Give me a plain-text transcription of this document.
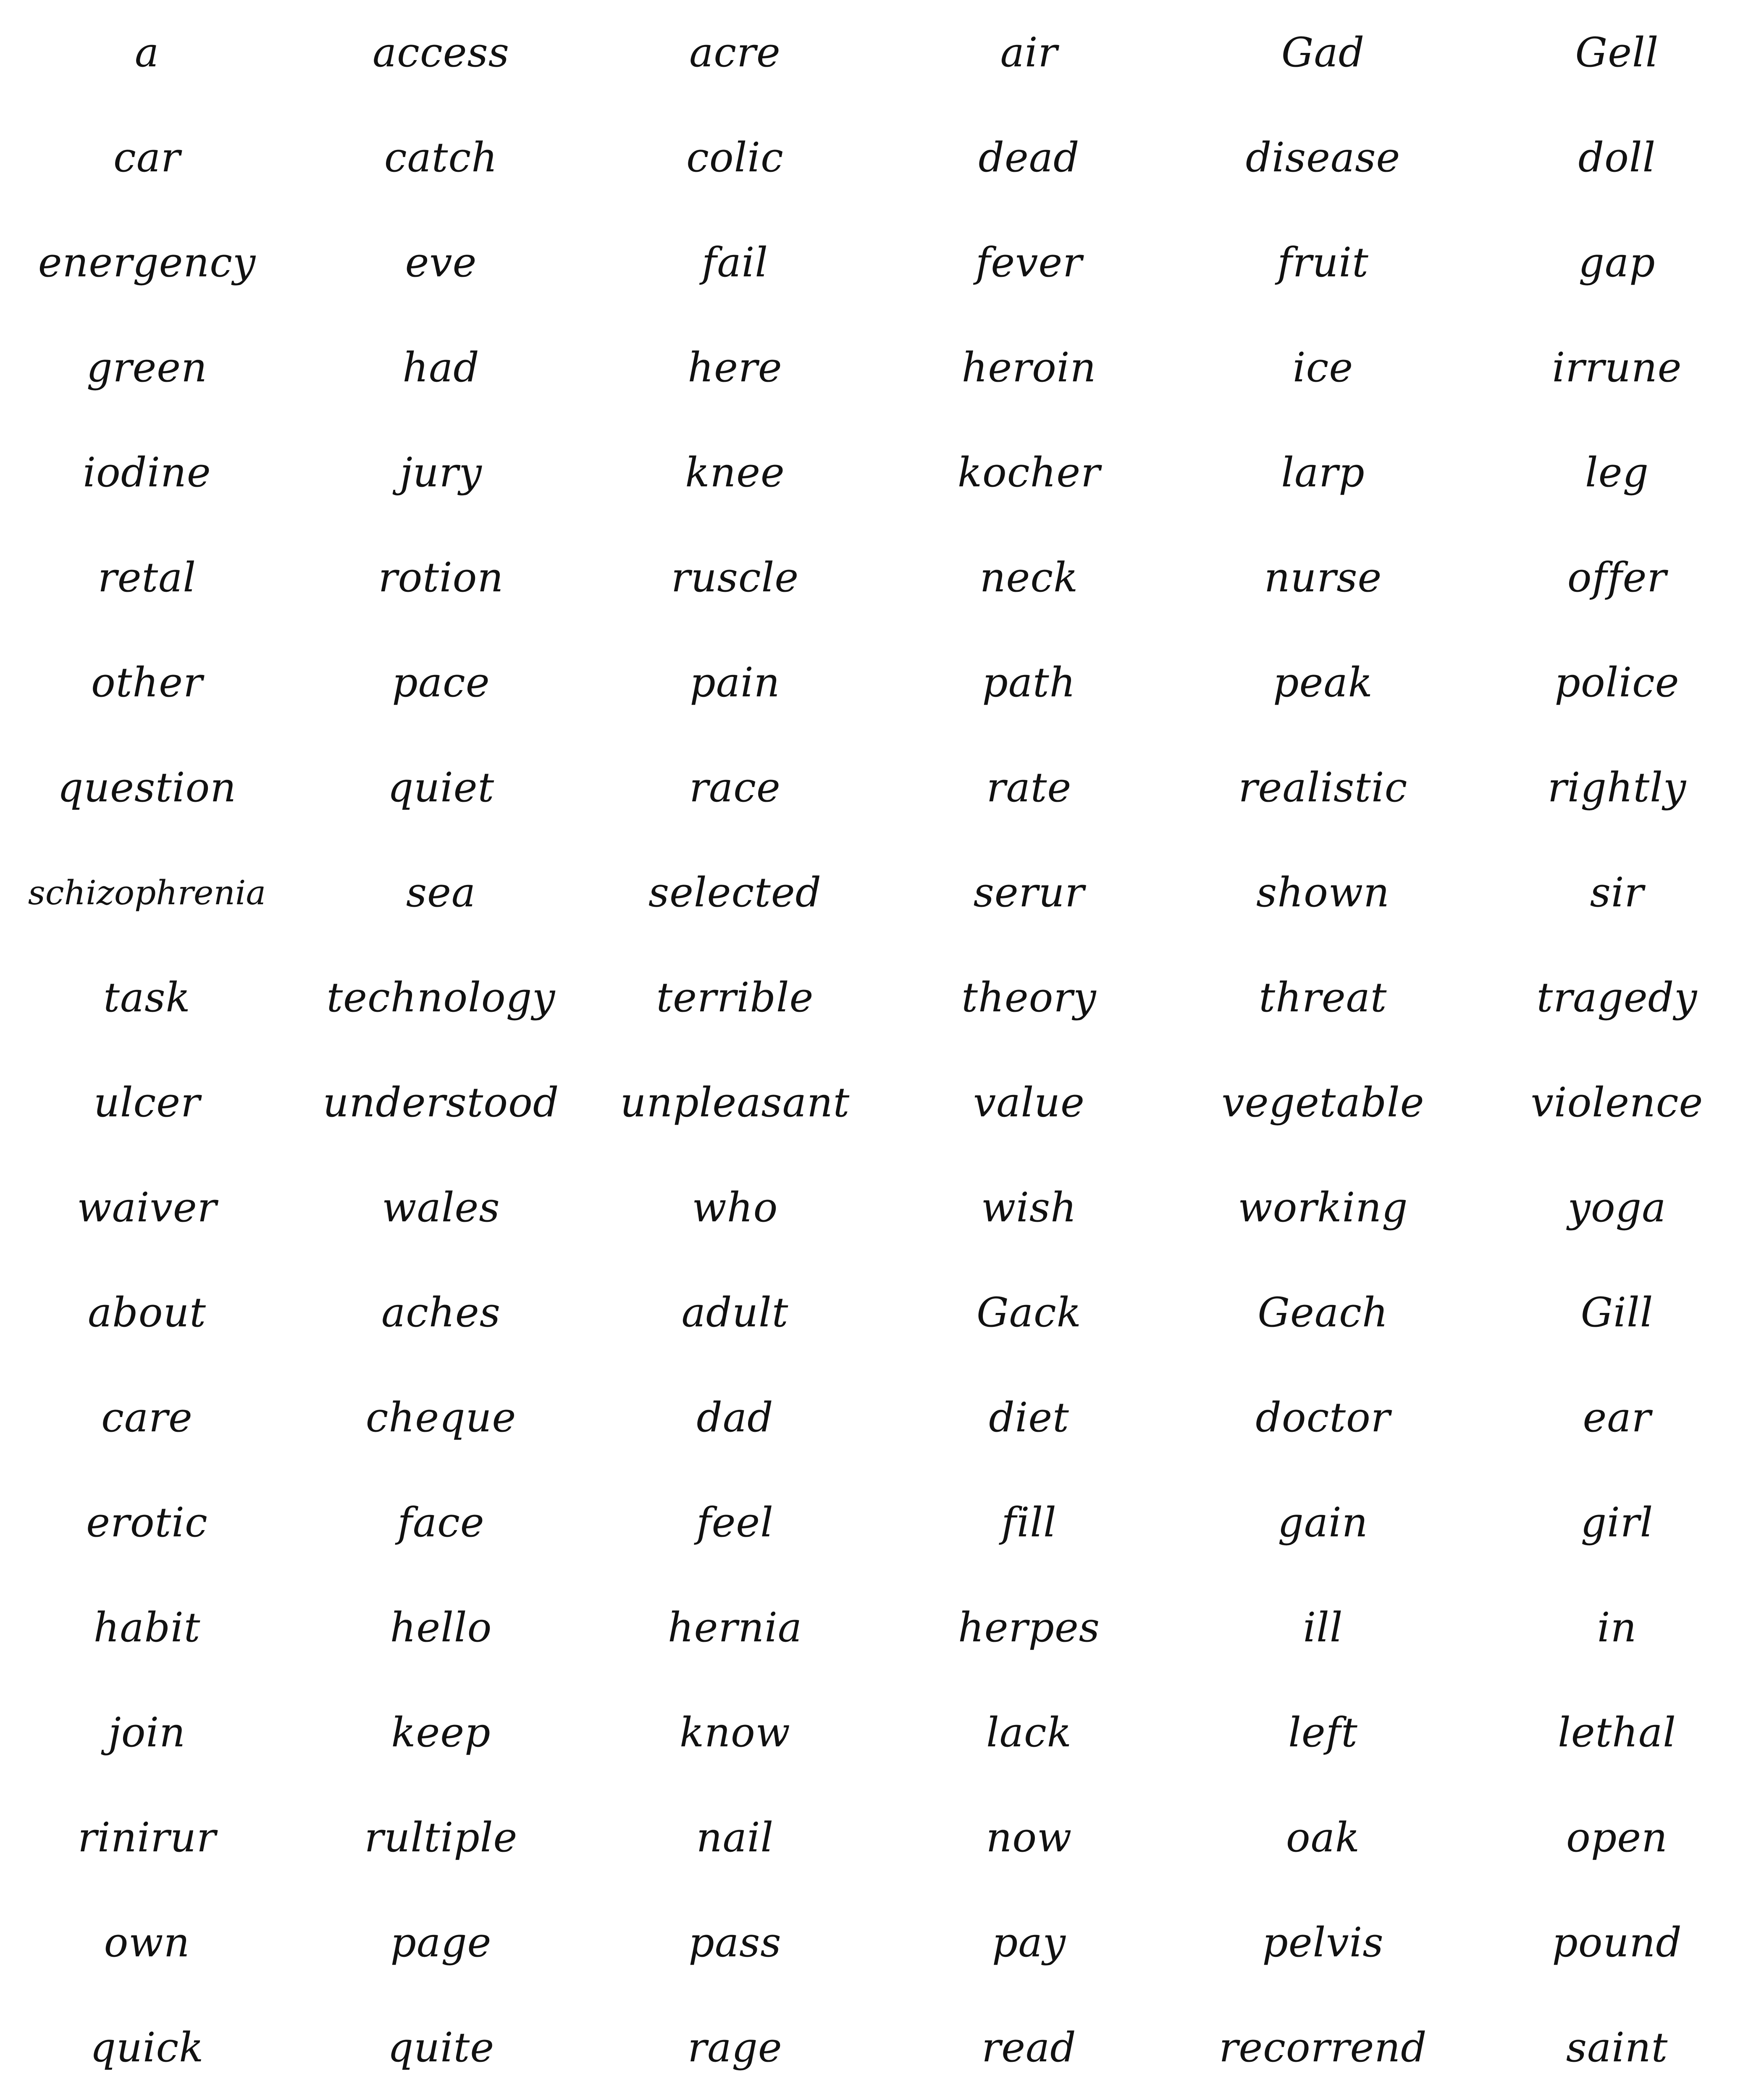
a	access	acre	air	Gad	Gell
car	catch	colic	dead	disease	doll
energency	eve	fail	fever	fruit	gap
green	had	here	heroin	ice	irrune
iodine	jury	knee	kocher	larp	leg
retal	rotion	ruscle	neck	nurse	offer
other	pace	pain	path	peak	police
question	quiet	race	rate	realistic	rightly
schizophrenia	sea	selected	serur	shown	sir
task	technology	terrible	theory	threat	tragedy
ulcer	understood	unpleasant	value	vegetable	violence
waiver	wales	who	wish	working	yoga
about	aches	adult	Gack	Geach	Gill
care	cheque	dad	diet	doctor	ear
erotic	face	feel	fill	gain	girl
habit	hello	hernia	herpes	ill	in
join	keep	know	lack	left	lethal
rinirur	rultiple	nail	now	oak	open
own	page	pass	pay	pelvis	pound
quick	quite	rage	read	recorrend	saint
